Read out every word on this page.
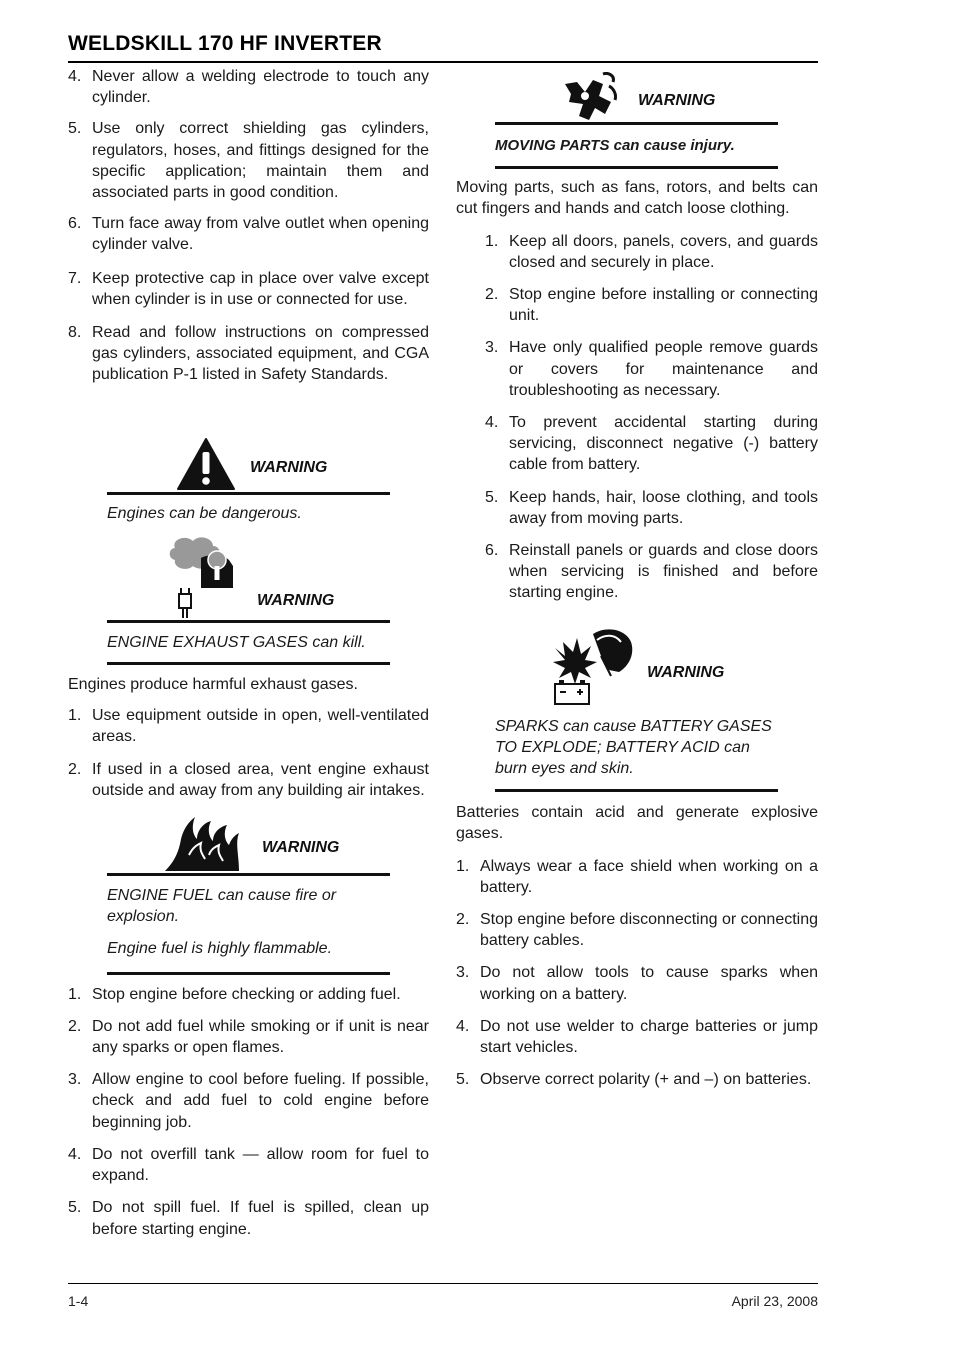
WELDSKILL 170 HF INVERTER
4. Never allow a welding electrode to touch any cylinder.
5. Use only correct shielding gas cylinders, regulators, hoses, and fittings designed for the specific application; maintain them and associated parts in good condition.
6. Turn face away from valve outlet when opening cylinder valve.
7. Keep protective cap in place over valve except when cylinder is in use or connected for use.
8. Read and follow instructions on compressed gas cylinders, associated equipment, and CGA publication P-1 listed in Safety Standards.
WARNING
Engines can be dangerous.
WARNING
ENGINE EXHAUST GASES can kill.
Engines produce harmful exhaust gases.
1. Use equipment outside in open, well-ventilated areas.
2. If used in a closed area, vent engine exhaust outside and away from any building air intakes.
WARNING
ENGINE FUEL can cause fire or explosion.
Engine fuel is highly flammable.
1. Stop engine before checking or adding fuel.
2. Do not add fuel while smoking or if unit is near any sparks or open flames.
3. Allow engine to cool before fueling. If possible, check and add fuel to cold engine before beginning job.
4. Do not overfill tank — allow room for fuel to expand.
5. Do not spill fuel. If fuel is spilled, clean up before starting engine.
WARNING
MOVING PARTS can cause injury.
Moving parts, such as fans, rotors, and belts can cut fingers and hands and catch loose clothing.
1. Keep all doors, panels, covers, and guards closed and securely in place.
2. Stop engine before installing or connecting unit.
3. Have only qualified people remove guards or covers for maintenance and troubleshooting as necessary.
4. To prevent accidental starting during servicing, disconnect negative (-) battery cable from battery.
5. Keep hands, hair, loose clothing, and tools away from moving parts.
6. Reinstall panels or guards and close doors when servicing is finished and before starting engine.
WARNING
SPARKS can cause BATTERY GASES TO EXPLODE; BATTERY ACID can burn eyes and skin.
Batteries contain acid and generate explosive gases.
1. Always wear a face shield when working on a battery.
2. Stop engine before disconnecting or connecting battery cables.
3. Do not allow tools to cause sparks when working on a battery.
4. Do not use welder to charge batteries or jump start vehicles.
5. Observe correct polarity (+ and –) on batteries.
1-4	April 23, 2008
